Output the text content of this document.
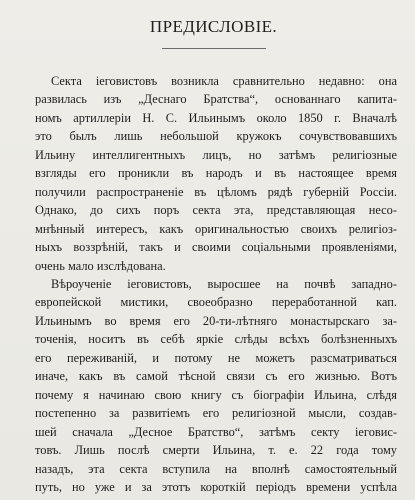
ПРЕДИСЛОВІЕ.
Секта іеговистовъ возникла сравнительно недавно: она
развилась изъ „Деснаго Братства“, основаннаго капита-
номъ артиллеріи Н. С. Ильинымъ около 1850 г. Вначалѣ
это былъ лишь небольшой кружокъ сочувствовавшихъ
Ильину интеллигентныхъ лицъ, но затѣмъ религіозные
взгляды его проникли въ народъ и въ настоящее время
получили распространеніе въ цѣломъ рядѣ губерній Россіи.
Однако, до сихъ поръ секта эта, представляющая несо-
мнѣнный интересъ, какъ оригинальностью своихъ религіоз-
ныхъ воззрѣній, такъ и своими соціальными проявленіями,
очень мало изслѣдована.
Вѣроученіе іеговистовъ, выросшее на почвѣ западно-
европейской мистики, своеобразно переработанной кап.
Ильинымъ во время его 20-ти-лѣтняго монастырскаго за-
точенія, носитъ въ себѣ яркіе слѣды всѣхъ болѣзненныхъ
его переживаній, и потому не можетъ разсматриваться
иначе, какъ въ самой тѣсной связи съ его жизнью. Вотъ
почему я начинаю свою книгу съ біографіи Ильина, слѣдя
постепенно за развитіемъ его религіозной мысли, создав-
шей сначала „Десное Братство“, затѣмъ секту іеговис-
товъ. Лишь послѣ смерти Ильина, т. е. 22 года тому
назадъ, эта секта вступила на вполнѣ самостоятельный
путь, но уже и за этотъ короткій періодъ времени успѣла
